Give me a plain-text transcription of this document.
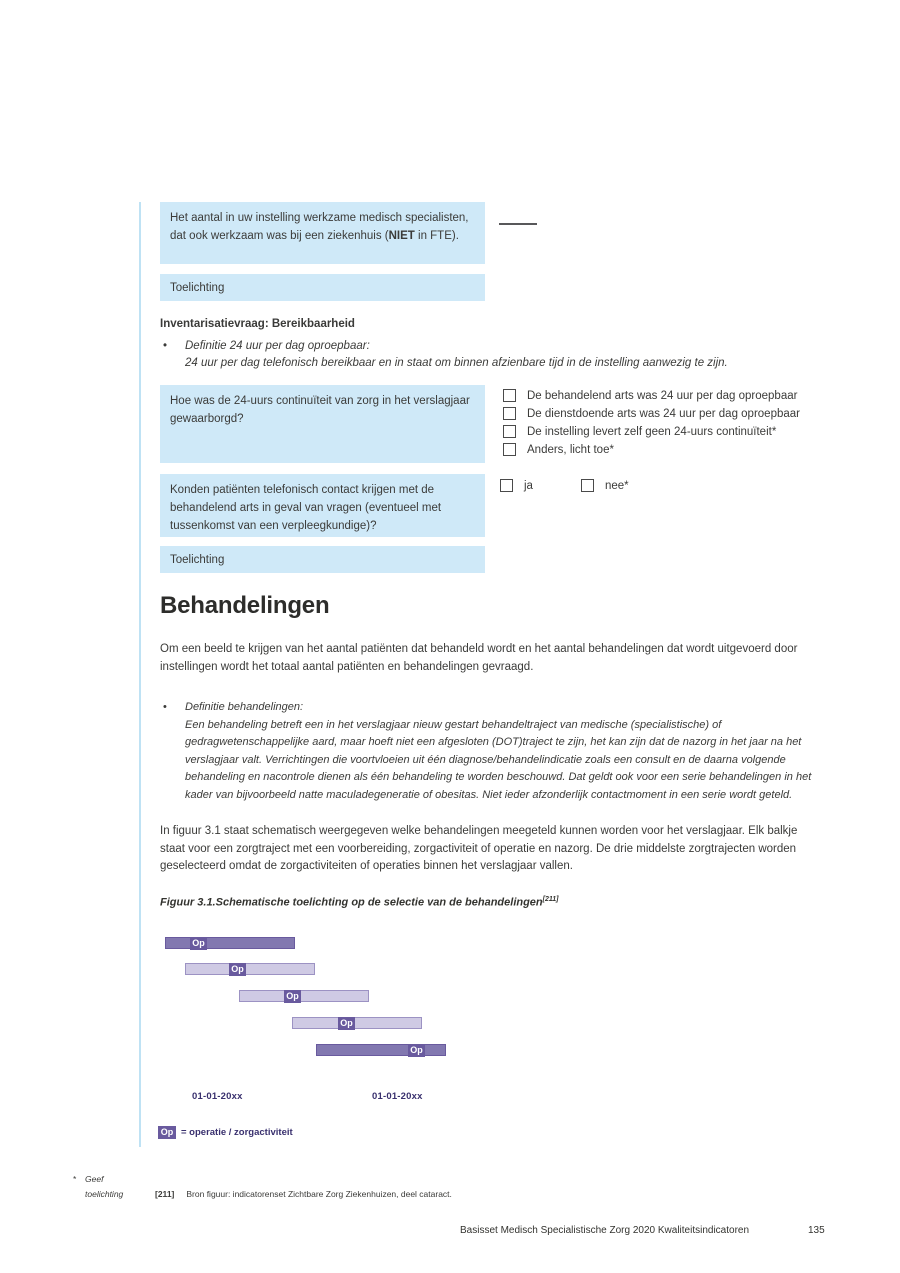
Het aantal in uw instelling werkzame medisch specialisten, dat ook werkzaam was bij een ziekenhuis (NIET in FTE).
Toelichting
Inventarisatievraag: Bereikbaarheid
•	Definitie 24 uur per dag oproepbaar:
24 uur per dag telefonisch bereikbaar en in staat om binnen afzienbare tijd in de instelling aanwezig te zijn.
Hoe was de 24-uurs continuïteit van zorg in het verslagjaar gewaarborgd?
De behandelend arts was 24 uur per dag oproepbaar
De dienstdoende arts was 24 uur per dag oproepbaar
De instelling levert zelf geen 24-uurs continuïteit*
Anders, licht toe*
Konden patiënten telefonisch contact krijgen met de behandelend arts in geval van vragen (eventueel met tussenkomst van een verpleegkundige)?
ja	nee*
Toelichting
Behandelingen
Om een beeld te krijgen van het aantal patiënten dat behandeld wordt en het aantal behandelingen dat wordt uitgevoerd door instellingen wordt het totaal aantal patiënten en behandelingen gevraagd.
•	Definitie behandelingen:
Een behandeling betreft een in het verslagjaar nieuw gestart behandeltraject van medische (specialistische) of gedragwetenschappelijke aard, maar hoeft niet een afgesloten (DOT)traject te zijn, het kan zijn dat de nazorg in het jaar na het verslagjaar valt. Verrichtingen die voortvloeien uit één diagnose/behandelindicatie zoals een consult en de daarna volgende behandeling en nacontrole dienen als één behandeling te worden beschouwd. Dat geldt ook voor een serie behandelingen in het kader van bijvoorbeeld natte maculadegeneratie of obesitas. Niet ieder afzonderlijk contactmoment in een serie wordt geteld.
In figuur 3.1 staat schematisch weergegeven welke behandelingen meegeteld kunnen worden voor het verslagjaar. Elk balkje staat voor een zorgtraject met een voorbereiding, zorgactiviteit of operatie en nazorg. De drie middelste zorgtrajecten worden geselecteerd omdat de zorgactiviteiten of operaties binnen het verslagjaar vallen.
Figuur 3.1.Schematische toelichting op de selectie van de behandelingen[211]
Op
Op
Op
Op
Op
01-01-20xx	01-01-20xx
Op = operatie / zorgactiviteit
*	Geef toelichting	[211] Bron figuur: indicatorenset Zichtbare Zorg Ziekenhuizen, deel cataract.
Basisset Medisch Specialistische Zorg 2020 Kwaliteitsindicatoren	135
